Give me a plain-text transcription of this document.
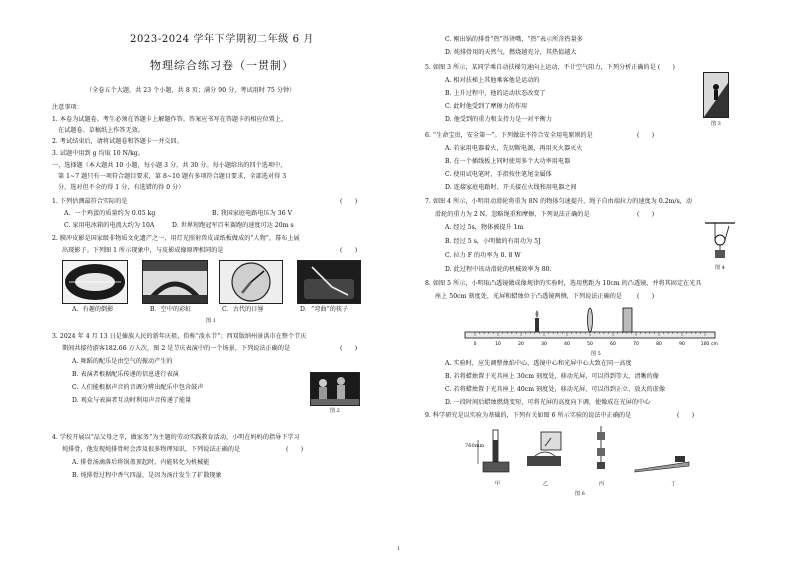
2023-2024 学年下学期初二年级 6 月
物理综合练习卷（一贯制）
（全卷五个大题，共 23 个小题，共 8 页；满分 90 分，考试用时 75 分钟）
注意事项：
1. 本卷为试题卷。考生必须在答题卡上解题作答。答案应书写在答题卡的相应位置上，
在试题卷、草稿纸上作答无效。
2. 考试结束后，请将试题卷和答题卡一并交回。
3. 试题中用到 g 均取 10 N/kg。
一、选择题（本大题共 10 小题，每小题 3 分，共 30 分。每小题给出的四个选项中，
第 1~7 题只有一项符合题目要求，第 8~10 题有多项符合题目要求，全部选对得 3
分，选对但不全的得 1 分，有选错的得 0 分）
1. 下列估测最符合实际的是	(　　)
A．一个鸡蛋的质量约为 0.05 kg	B. 我国家庭电路电压为 36 V
C. 家用电冰箱的电流大约为 10A	D. 世界短跑冠军百米赛跑的速度可达 20m s
2. 膜冲皮影是国家级非物质文化遗产之一，用灯光照射兽皮或纸板做成的“人物”，幕布上展
出现影子。下列图 1 所示现象中，与皮影成像原理相同的是	(　　)
A．有趣的倒影	B．空中的彩虹	C．古代的日晷	D．“弯曲”的筷子
图 1
3. 2024 年 4 月 13 日是傣族人民的新年庆祖，俗称“泼水节”；西双版纳州景洪市在整个节庆
期间共接待游客182.66 万人次，图 2 是节庆表演中的一个场景，下列说法正确的是	(　　)
A. 舞蹈的配乐是由空气的振动产生的
B. 表演者根据配乐传递的信息进行表演
C. 人们能根据声音的音调分辨出配乐中包含鼓声
D. 观众与表演者互动时利用声音传递了能量
图 2
4. 学校开展以“品父母之辛，做家务”为主题的劳动实践教育活动，小明在妈妈的指导下学习
炖排骨，他发现炖排骨时会涉及很多物理知识，下列说法正确的是	(　　)
A. 排骨汤滴落后将锅盖顶起时，内能转化为机械能
B. 炖排骨过程中香气四溢，是因为汤汁发生了扩散现象
C. 刚出锅的排骨“热”得烫嘴，“热”表示所含热量多
D. 炖排骨用的天然气，燃烧越充分，其热值越大
5. 如图 3 所示，某同学乘自动扶梯匀速向上运动，不计空气阻力，下列分析正确的是 (　　)
A. 相对扶梯上其他乘客他是运动的
B. 上升过程中，他的运动状态改变了
C. 此时他受到了摩擦力的作用
D. 他受到的重力和支持力是一对平衡力
图 3
6. “生命宝贵，安全第一”。下列做法不符合安全用电原则的是	(　　)
A. 若家用电器着火，先切断电源，再用灭火器灭火
B. 在一个插线板上同时使用多个大功率用电器
C. 使用试电笔时，手指按住笔尾金属体
D. 连接家庭电路时，开关接在火线和用电器之间
7. 如图 4 所示，小明用动滑轮将重为 8N 的物体匀速提升，绳子自由端拉力的速度为 0.2m/s，动
滑轮的重力为 2 N，忽略绳重和摩擦，下列说法正确的是	(　　)
A. 经过 5s，物体被提升 1m
B. 经过 5 s，小明做的有用功为 5J
C. 拉力 F 的功率为 0. 8 W
D. 此过程中该动滑轮的机械效率为 80.	图 4
8. 如图 5 所示，小明取凸透镜做成像规律的实验时，选用焦距为 10cm 的凸透镜，并将其固定在光具
座上 50cm 刻度处，光屏和蜡烛位于凸透镜两侧，下列说法正确的是 (　　)
0	10	20	30	40	50	60	70	80	90	100 cm
图 5
A. 实验时，应先调整烛焰中心、透镜中心和光屏中心大致在同一高度
B. 若将蜡烛置于光具座上 30cm 刻度处，移动光屏，可以得到等大、清晰的像
C. 若将蜡烛置于光具座上 40cm 刻度处，移动光屏，可以得到正立、放大的虚像
D. 一段时间后蜡烛燃烧变短，可将光屏的高度向下调，使像成在光屏的中心
9. 科学研究是以实验为基础的，下列有关如图 6 所示实验的说法中正确的是	(　　)
760mm
甲	乙	丙	丁
图 6
1
